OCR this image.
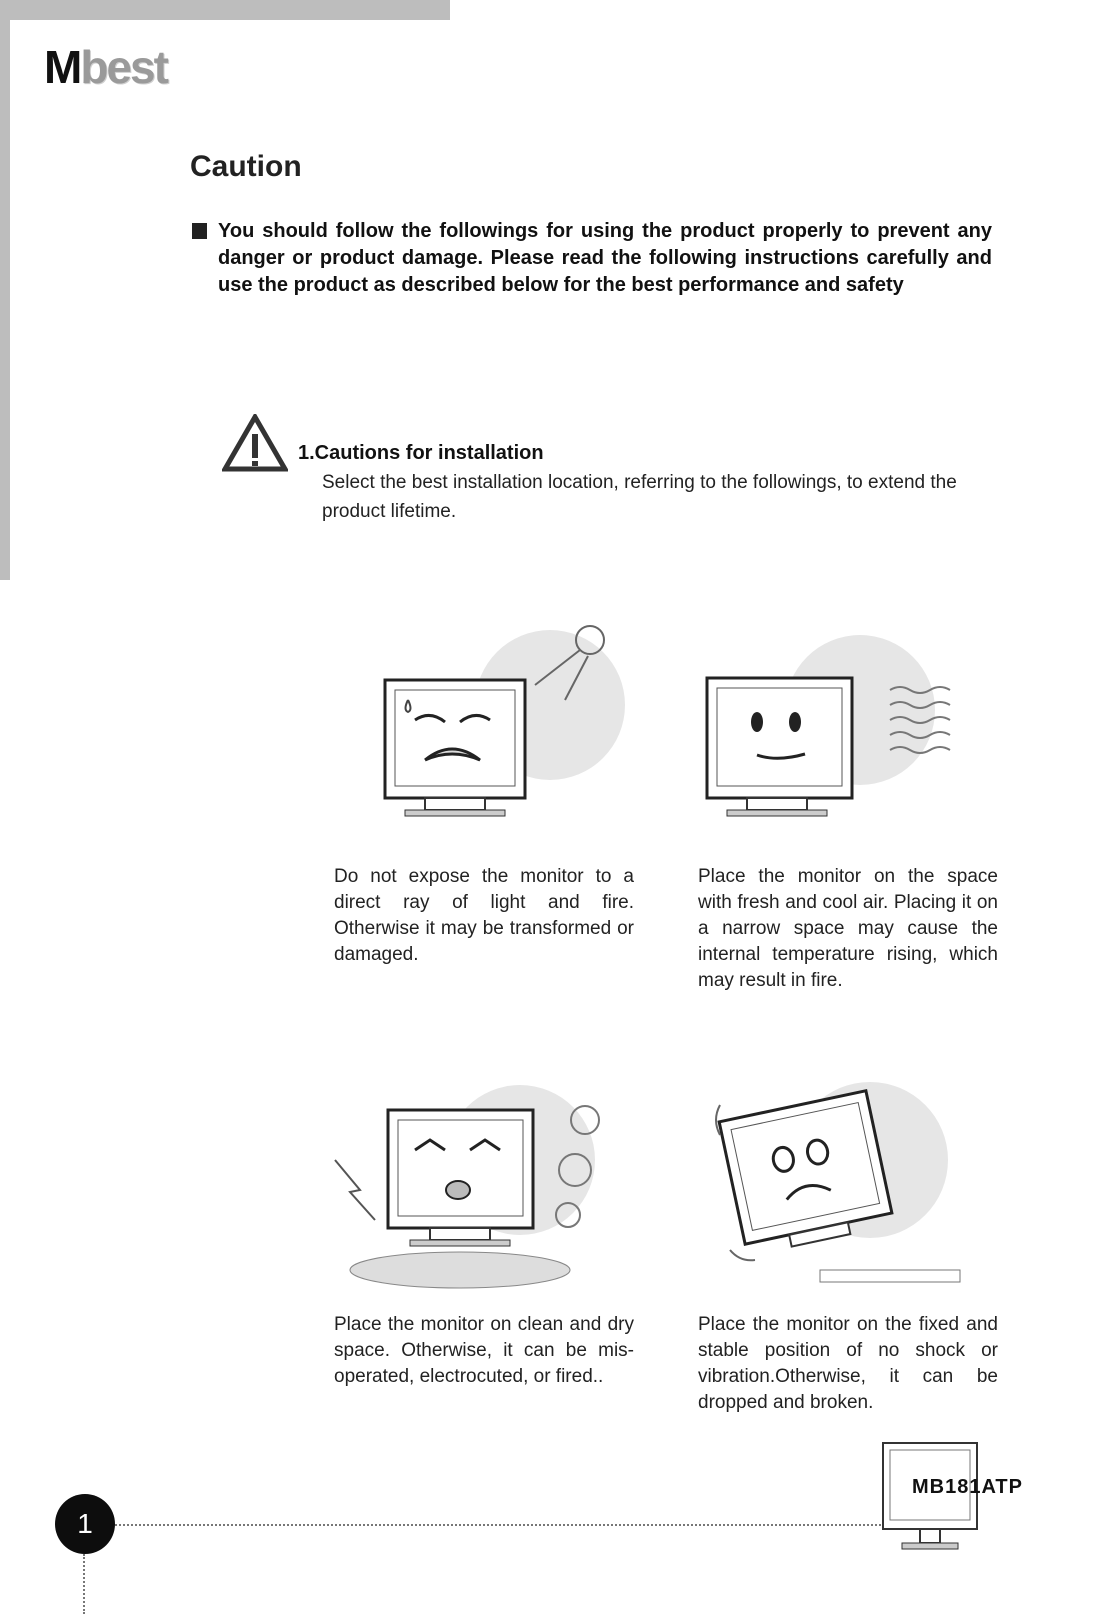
Mbest
Caution

You should follow the followings for using the product properly to prevent any danger or product damage. Please read the following instructions carefully and use the product as described below for the best performance and safety

1.Cautions for installation

Select the best installation location, referring to the followings, to extend the product lifetime.

Do not expose the monitor to a direct ray of light and fire. Otherwise it may be transformed or damaged.

Place the monitor on the space with fresh and cool air. Placing it on a narrow space may cause the internal temperature rising, which may result in fire.

Place the monitor on clean and dry space. Otherwise, it can be mis-operated, electrocuted, or fired..

Place the monitor on the fixed and stable position of no shock or vibration.Otherwise, it can be dropped and broken.

1
MB181ATP
